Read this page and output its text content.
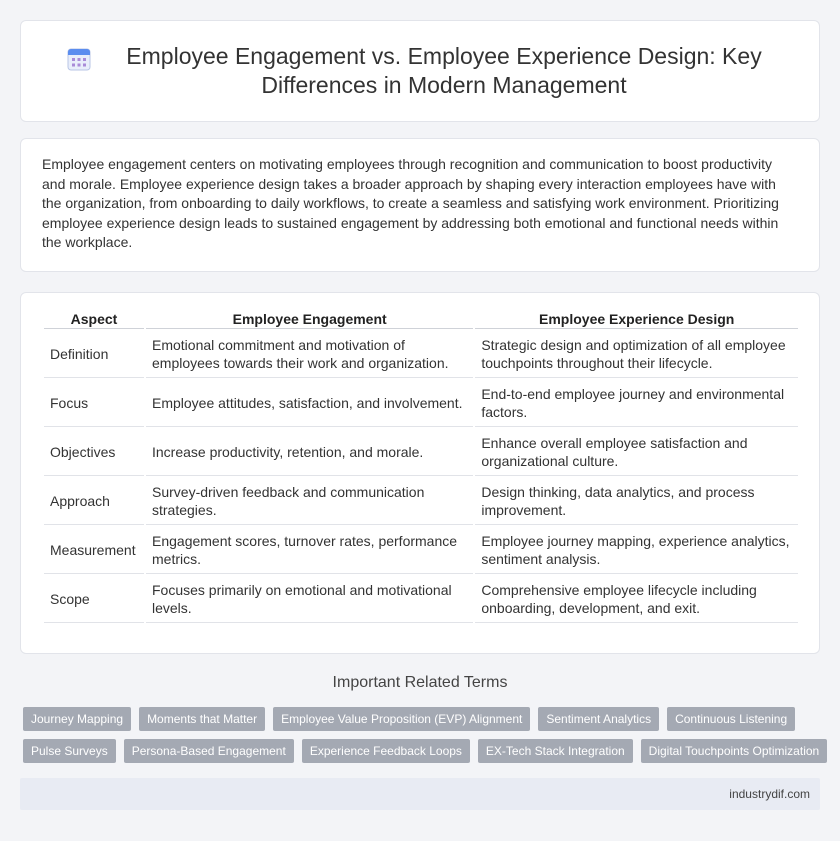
Employee Engagement vs. Employee Experience Design: Key Differences in Modern Management

Employee engagement centers on motivating employees through recognition and communication to boost productivity and morale. Employee experience design takes a broader approach by shaping every interaction employees have with the organization, from onboarding to daily workflows, to create a seamless and satisfying work environment. Prioritizing employee experience design leads to sustained engagement by addressing both emotional and functional needs within the workplace.

Aspect	Employee Engagement	Employee Experience Design
Definition	Emotional commitment and motivation of employees towards their work and organization.	Strategic design and optimization of all employee touchpoints throughout their lifecycle.
Focus	Employee attitudes, satisfaction, and involvement.	End-to-end employee journey and environmental factors.
Objectives	Increase productivity, retention, and morale.	Enhance overall employee satisfaction and organizational culture.
Approach	Survey-driven feedback and communication strategies.	Design thinking, data analytics, and process improvement.
Measurement	Engagement scores, turnover rates, performance metrics.	Employee journey mapping, experience analytics, sentiment analysis.
Scope	Focuses primarily on emotional and motivational levels.	Comprehensive employee lifecycle including onboarding, development, and exit.
Important Related Terms
Journey Mapping	Moments that Matter	Employee Value Proposition (EVP) Alignment	Sentiment Analytics	Continuous Listening
Pulse Surveys	Persona-Based Engagement	Experience Feedback Loops	EX-Tech Stack Integration	Digital Touchpoints Optimization
industrydif.com
